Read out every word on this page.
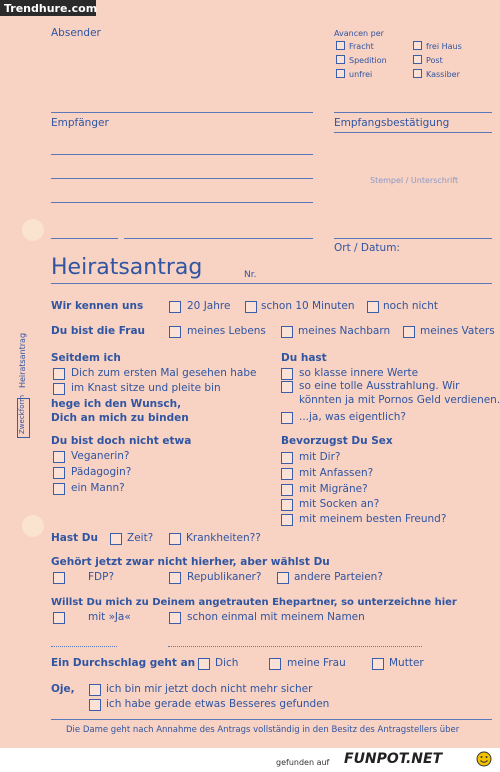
Trendhure.com
Absender	Avancen per
Fracht	frei Haus
Spedition	Post
unfrei	Kassiber
Empfänger	Empfangsbestätigung
Stempel / Unterschrift
Ort / Datum:
Heiratsantrag	Nr.
Zweckform
Heiratsantrag
Wir kennen uns	20 Jahre	schon 10 Minuten	noch nicht
Du bist die Frau	meines Lebens	meines Nachbarn	meines Vaters
Seitdem ich
Dich zum ersten Mal gesehen habe
im Knast sitze und pleite bin
hege ich den Wunsch,
Dich an mich zu binden
Du hast
so klasse innere Werte
so eine tolle Ausstrahlung. Wir
könnten ja mit Pornos Geld verdienen.
...ja, was eigentlich?
Du bist doch nicht etwa
Veganerin?
Pädagogin?
ein Mann?
Bevorzugst Du Sex
mit Dir?
mit Anfassen?
mit Migräne?
mit Socken an?
mit meinem besten Freund?
Hast Du	Zeit?	Krankheiten??
Gehört jetzt zwar nicht hierher, aber wählst Du
FDP?	Republikaner?	andere Parteien?
Willst Du mich zu Deinem angetrauten Ehepartner, so unterzeichne hier
mit »Ja«	schon einmal mit meinem Namen
Ein Durchschlag geht an Dich	meine Frau	Mutter
Oje,	ich bin mir jetzt doch nicht mehr sicher
ich habe gerade etwas Besseres gefunden
Die Dame geht nach Annahme des Antrags vollständig in den Besitz des Antragstellers über
gefunden auf FUNPOT.NET
